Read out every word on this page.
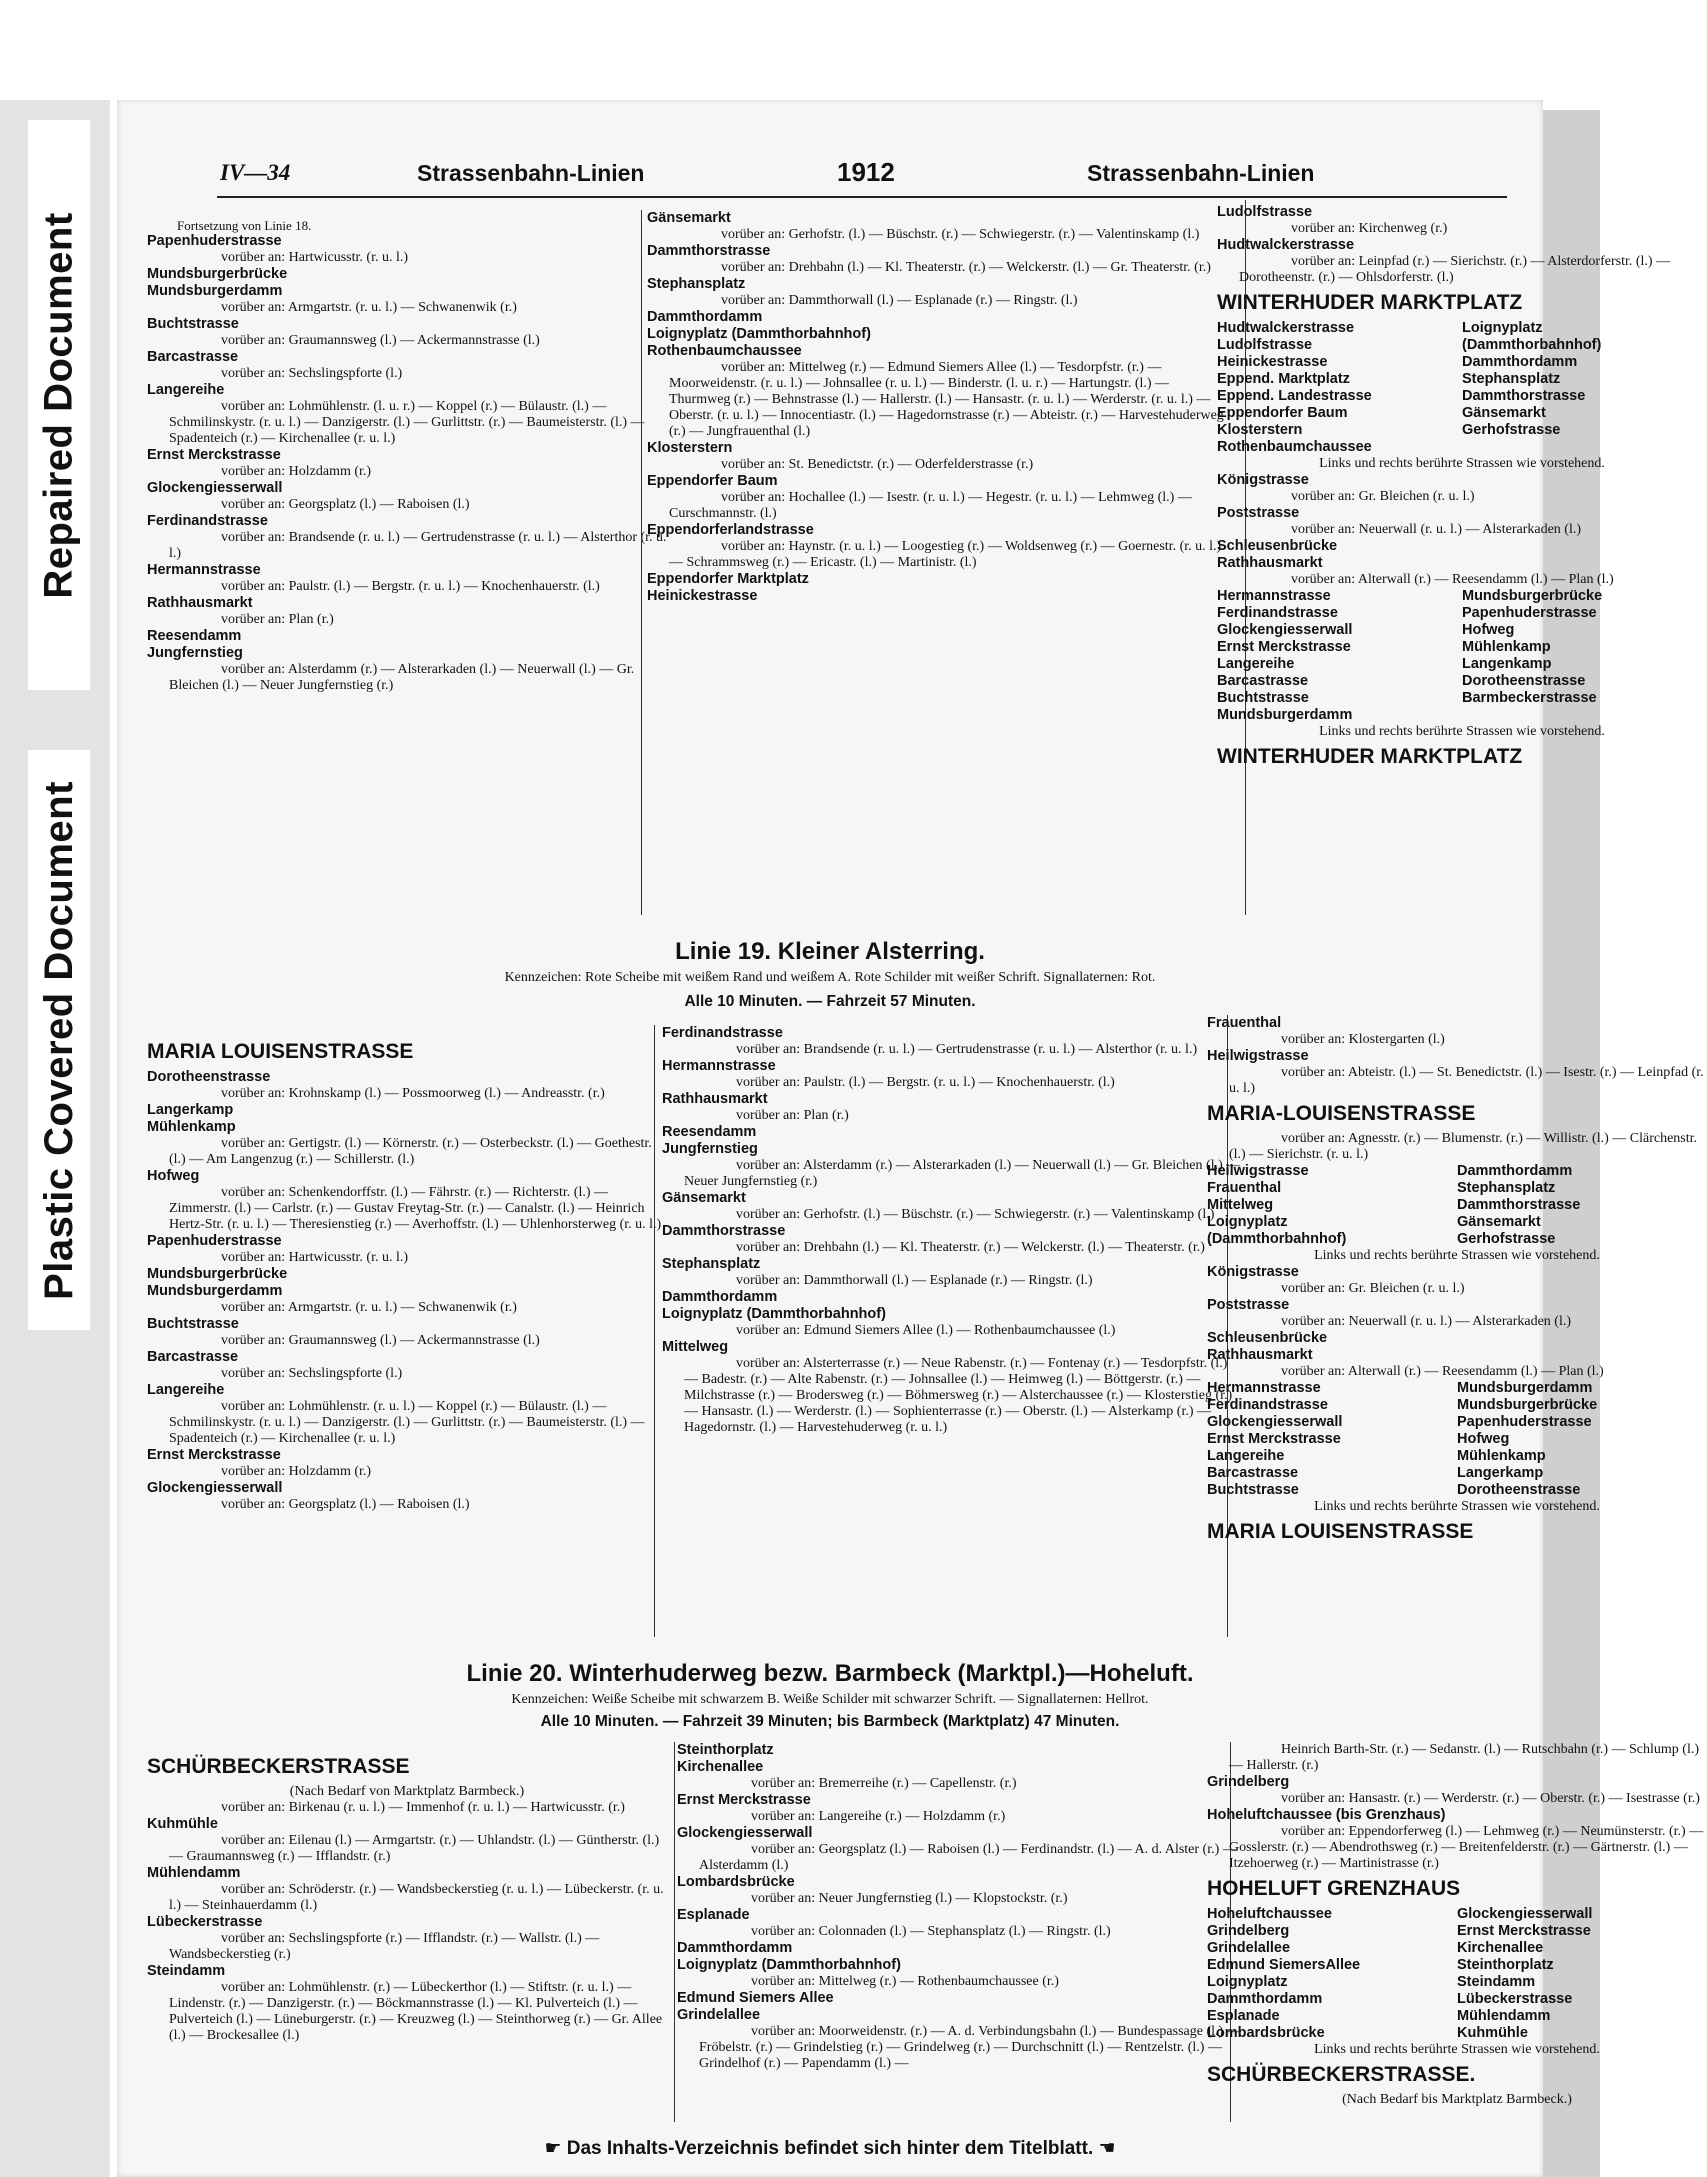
Repaired Document
Plastic Covered Document
IV—34	Strassenbahn-Linien	1912	Strassenbahn-Linien

Fortsetzung von Linie 18.

Papenhuderstrasse

vorüber an: Hartwicusstr. (r. u. l.)

Mundsburgerbrücke

Mundsburgerdamm

vorüber an: Armgartstr. (r. u. l.) — Schwanenwik (r.)

Buchtstrasse

vorüber an: Graumannsweg (l.) — Ackermannstrasse (l.)

Barcastrasse

vorüber an: Sechslingspforte (l.)

Langereihe

vorüber an: Lohmühlenstr. (l. u. r.) — Koppel (r.) — Bülaustr. (l.) — Schmilinskystr. (r. u. l.) — Danzigerstr. (l.) — Gurlittstr. (r.) — Baumeisterstr. (l.) — Spadenteich (r.) — Kirchenallee (r. u. l.)

Ernst Merckstrasse

vorüber an: Holzdamm (r.)

Glockengiesserwall

vorüber an: Georgsplatz (l.) — Raboisen (l.)

Ferdinandstrasse

vorüber an: Brandsende (r. u. l.) — Gertrudenstrasse (r. u. l.) — Alsterthor (r. u. l.)

Hermannstrasse

vorüber an: Paulstr. (l.) — Bergstr. (r. u. l.) — Knochenhauerstr. (l.)

Rathhausmarkt

vorüber an: Plan (r.)

Reesendamm

Jungfernstieg

vorüber an: Alsterdamm (r.) — Alsterarkaden (l.) — Neuerwall (l.) — Gr. Bleichen (l.) — Neuer Jungfernstieg (r.)

Gänsemarkt

vorüber an: Gerhofstr. (l.) — Büschstr. (r.) — Schwiegerstr. (r.) — Valentinskamp (l.)

Dammthorstrasse

vorüber an: Drehbahn (l.) — Kl. Theaterstr. (r.) — Welckerstr. (l.) — Gr. Theaterstr. (r.)

Stephansplatz

vorüber an: Dammthorwall (l.) — Esplanade (r.) — Ringstr. (l.)

Dammthordamm

Loignyplatz (Dammthorbahnhof)

Rothenbaumchaussee

vorüber an: Mittelweg (r.) — Edmund Siemers Allee (l.) — Tesdorpfstr. (r.) — Moorweidenstr. (r. u. l.) — Johnsallee (r. u. l.) — Binderstr. (l. u. r.) — Hartungstr. (l.) — Thurmweg (r.) — Behnstrasse (l.) — Hallerstr. (l.) — Hansastr. (r. u. l.) — Werderstr. (r. u. l.) — Oberstr. (r. u. l.) — Innocentiastr. (l.) — Hagedornstrasse (r.) — Abteistr. (r.) — Harvestehuderweg (r.) — Jungfrauenthal (l.)

Klosterstern

vorüber an: St. Benedictstr. (r.) — Oderfelderstrasse (r.)

Eppendorfer Baum

vorüber an: Hochallee (l.) — Isestr. (r. u. l.) — Hegestr. (r. u. l.) — Lehmweg (l.) — Curschmannstr. (l.)

Eppendorferlandstrasse

vorüber an: Haynstr. (r. u. l.) — Loogestieg (r.) — Woldsenweg (r.) — Goernestr. (r. u. l.) — Schrammsweg (r.) — Ericastr. (l.) — Martinistr. (l.)

Eppendorfer Marktplatz

Heinickestrasse

Ludolfstrasse

vorüber an: Kirchenweg (r.)

Hudtwalckerstrasse

vorüber an: Leinpfad (r.) — Sierichstr. (r.) — Alsterdorferstr. (l.) — Dorotheenstr. (r.) — Ohlsdorferstr. (l.)

WINTERHUDER MARKTPLATZ

Hudtwalckerstrasse	Loignyplatz

Ludolfstrasse	(Dammthorbahnhof)

Heinickestrasse	Dammthordamm

Eppend. Marktplatz	Stephansplatz

Eppend. Landestrasse	Dammthorstrasse

Eppendorfer Baum	Gänsemarkt

Klosterstern	Gerhofstrasse

Rothenbaumchaussee

Links und rechts berührte Strassen wie vorstehend.

Königstrasse

vorüber an: Gr. Bleichen (r. u. l.)

Poststrasse

vorüber an: Neuerwall (r. u. l.) — Alsterarkaden (l.)

Schleusenbrücke

Rathhausmarkt

vorüber an: Alterwall (r.) — Reesendamm (l.) — Plan (l.)

Hermannstrasse	Mundsburgerbrücke

Ferdinandstrasse	Papenhuderstrasse

Glockengiesserwall	Hofweg

Ernst Merckstrasse	Mühlenkamp

Langereihe	Langenkamp

Barcastrasse	Dorotheenstrasse

Buchtstrasse	Barmbeckerstrasse

Mundsburgerdamm

Links und rechts berührte Strassen wie vorstehend.

WINTERHUDER MARKTPLATZ

Linie 19. Kleiner Alsterring.
Kennzeichen: Rote Scheibe mit weißem Rand und weißem A. Rote Schilder mit weißer Schrift. Signallaternen: Rot.
Alle 10 Minuten. — Fahrzeit 57 Minuten.

MARIA LOUISENSTRASSE

Dorotheenstrasse

vorüber an: Krohnskamp (l.) — Possmoorweg (l.) — Andreasstr. (r.)

Langerkamp

Mühlenkamp

vorüber an: Gertigstr. (l.) — Körnerstr. (r.) — Osterbeckstr. (l.) — Goethestr. (l.) — Am Langenzug (r.) — Schillerstr. (l.)

Hofweg

vorüber an: Schenkendorffstr. (l.) — Fährstr. (r.) — Richterstr. (l.) — Zimmerstr. (l.) — Carlstr. (r.) — Gustav Freytag-Str. (r.) — Canalstr. (l.) — Heinrich Hertz-Str. (r. u. l.) — Theresienstieg (r.) — Averhoffstr. (l.) — Uhlenhorsterweg (r. u. l.)

Papenhuderstrasse

vorüber an: Hartwicusstr. (r. u. l.)

Mundsburgerbrücke

Mundsburgerdamm

vorüber an: Armgartstr. (r. u. l.) — Schwanenwik (r.)

Buchtstrasse

vorüber an: Graumannsweg (l.) — Ackermannstrasse (l.)

Barcastrasse

vorüber an: Sechslingspforte (l.)

Langereihe

vorüber an: Lohmühlenstr. (r. u. l.) — Koppel (r.) — Bülaustr. (l.) — Schmilinskystr. (r. u. l.) — Danzigerstr. (l.) — Gurlittstr. (r.) — Baumeisterstr. (l.) — Spadenteich (r.) — Kirchenallee (r. u. l.)

Ernst Merckstrasse

vorüber an: Holzdamm (r.)

Glockengiesserwall

vorüber an: Georgsplatz (l.) — Raboisen (l.)

Ferdinandstrasse

vorüber an: Brandsende (r. u. l.) — Gertrudenstrasse (r. u. l.) — Alsterthor (r. u. l.)

Hermannstrasse

vorüber an: Paulstr. (l.) — Bergstr. (r. u. l.) — Knochenhauerstr. (l.)

Rathhausmarkt

vorüber an: Plan (r.)

Reesendamm

Jungfernstieg

vorüber an: Alsterdamm (r.) — Alsterarkaden (l.) — Neuerwall (l.) — Gr. Bleichen (l.) — Neuer Jungfernstieg (r.)

Gänsemarkt

vorüber an: Gerhofstr. (l.) — Büschstr. (r.) — Schwiegerstr. (r.) — Valentinskamp (l.)

Dammthorstrasse

vorüber an: Drehbahn (l.) — Kl. Theaterstr. (r.) — Welckerstr. (l.) — Theaterstr. (r.)

Stephansplatz

vorüber an: Dammthorwall (l.) — Esplanade (r.) — Ringstr. (l.)

Dammthordamm

Loignyplatz (Dammthorbahnhof)

vorüber an: Edmund Siemers Allee (l.) — Rothenbaumchaussee (l.)

Mittelweg

vorüber an: Alsterterrasse (r.) — Neue Rabenstr. (r.) — Fontenay (r.) — Tesdorpfstr. (l.) — Badestr. (r.) — Alte Rabenstr. (r.) — Johnsallee (l.) — Heimweg (l.) — Böttgerstr. (r.) — Milchstrasse (r.) — Brodersweg (r.) — Böhmersweg (r.) — Alsterchaussee (r.) — Klosterstieg (r.) — Hansastr. (l.) — Werderstr. (l.) — Sophienterrasse (r.) — Oberstr. (l.) — Alsterkamp (r.) — Hagedornstr. (l.) — Harvestehuderweg (r. u. l.)

Frauenthal

vorüber an: Klostergarten (l.)

Heilwigstrasse

vorüber an: Abteistr. (l.) — St. Benedictstr. (l.) — Isestr. (r.) — Leinpfad (r. u. l.)

MARIA-LOUISENSTRASSE

vorüber an: Agnesstr. (r.) — Blumenstr. (r.) — Willistr. (l.) — Clärchenstr. (l.) — Sierichstr. (r. u. l.)

Heilwigstrasse	Dammthordamm

Frauenthal	Stephansplatz

Mittelweg	Dammthorstrasse

Loignyplatz	Gänsemarkt

(Dammthorbahnhof)	Gerhofstrasse

Links und rechts berührte Strassen wie vorstehend.

Königstrasse

vorüber an: Gr. Bleichen (r. u. l.)

Poststrasse

vorüber an: Neuerwall (r. u. l.) — Alsterarkaden (l.)

Schleusenbrücke

Rathhausmarkt

vorüber an: Alterwall (r.) — Reesendamm (l.) — Plan (l.)

Hermannstrasse	Mundsburgerdamm

Ferdinandstrasse	Mundsburgerbrücke

Glockengiesserwall	Papenhuderstrasse

Ernst Merckstrasse	Hofweg

Langereihe	Mühlenkamp

Barcastrasse	Langerkamp

Buchtstrasse	Dorotheenstrasse

Links und rechts berührte Strassen wie vorstehend.

MARIA LOUISENSTRASSE

Linie 20. Winterhuderweg bezw. Barmbeck (Marktpl.)—Hoheluft.
Kennzeichen: Weiße Scheibe mit schwarzem B. Weiße Schilder mit schwarzer Schrift. — Signallaternen: Hellrot.
Alle 10 Minuten. — Fahrzeit 39 Minuten; bis Barmbeck (Marktplatz) 47 Minuten.

SCHÜRBECKERSTRASSE

(Nach Bedarf von Marktplatz Barmbeck.)

vorüber an: Birkenau (r. u. l.) — Immenhof (r. u. l.) — Hartwicusstr. (r.)

Kuhmühle

vorüber an: Eilenau (l.) — Armgartstr. (r.) — Uhlandstr. (l.) — Güntherstr. (l.) — Graumannsweg (r.) — Ifflandstr. (r.)

Mühlendamm

vorüber an: Schröderstr. (r.) — Wandsbeckerstieg (r. u. l.) — Lübeckerstr. (r. u. l.) — Steinhauerdamm (l.)

Lübeckerstrasse

vorüber an: Sechslingspforte (r.) — Ifflandstr. (r.) — Wallstr. (l.) — Wandsbeckerstieg (r.)

Steindamm

vorüber an: Lohmühlenstr. (r.) — Lübeckerthor (l.) — Stiftstr. (r. u. l.) — Lindenstr. (r.) — Danzigerstr. (r.) — Böckmannstrasse (l.) — Kl. Pulverteich (l.) — Pulverteich (l.) — Lüneburgerstr. (r.) — Kreuzweg (l.) — Steinthorweg (r.) — Gr. Allee (l.) — Brockesallee (l.)

Steinthorplatz

Kirchenallee

vorüber an: Bremerreihe (r.) — Capellenstr. (r.)

Ernst Merckstrasse

vorüber an: Langereihe (r.) — Holzdamm (r.)

Glockengiesserwall

vorüber an: Georgsplatz (l.) — Raboisen (l.) — Ferdinandstr. (l.) — A. d. Alster (r.) — Alsterdamm (l.)

Lombardsbrücke

vorüber an: Neuer Jungfernstieg (l.) — Klopstockstr. (r.)

Esplanade

vorüber an: Colonnaden (l.) — Stephansplatz (l.) — Ringstr. (l.)

Dammthordamm

Loignyplatz (Dammthorbahnhof)

vorüber an: Mittelweg (r.) — Rothenbaumchaussee (r.)

Edmund Siemers Allee

Grindelallee

vorüber an: Moorweidenstr. (r.) — A. d. Verbindungsbahn (l.) — Bundespassage (l.) — Fröbelstr. (r.) — Grindelstieg (r.) — Grindelweg (r.) — Durchschnitt (l.) — Rentzelstr. (l.) — Grindelhof (r.) — Papendamm (l.) —

Heinrich Barth-Str. (r.) — Sedanstr. (l.) — Rutschbahn (r.) — Schlump (l.) — Hallerstr. (r.)

Grindelberg

vorüber an: Hansastr. (r.) — Werderstr. (r.) — Oberstr. (r.) — Isestrasse (r.)

Hoheluftchaussee (bis Grenzhaus)

vorüber an: Eppendorferweg (l.) — Lehmweg (r.) — Neumünsterstr. (r.) — Gosslerstr. (r.) — Abendrothsweg (r.) — Breitenfelderstr. (r.) — Gärtnerstr. (l.) — Itzehoerweg (r.) — Martinistrasse (r.)

HOHELUFT GRENZHAUS

Hoheluftchaussee	Glockengiesserwall

Grindelberg	Ernst Merckstrasse

Grindelallee	Kirchenallee

Edmund SiemersAllee	Steinthorplatz

Loignyplatz	Steindamm

Dammthordamm	Lübeckerstrasse

Esplanade	Mühlendamm

Lombardsbrücke	Kuhmühle

Links und rechts berührte Strassen wie vorstehend.

SCHÜRBECKERSTRASSE.

(Nach Bedarf bis Marktplatz Barmbeck.)

☛ Das Inhalts-Verzeichnis befindet sich hinter dem Titelblatt. ☚
